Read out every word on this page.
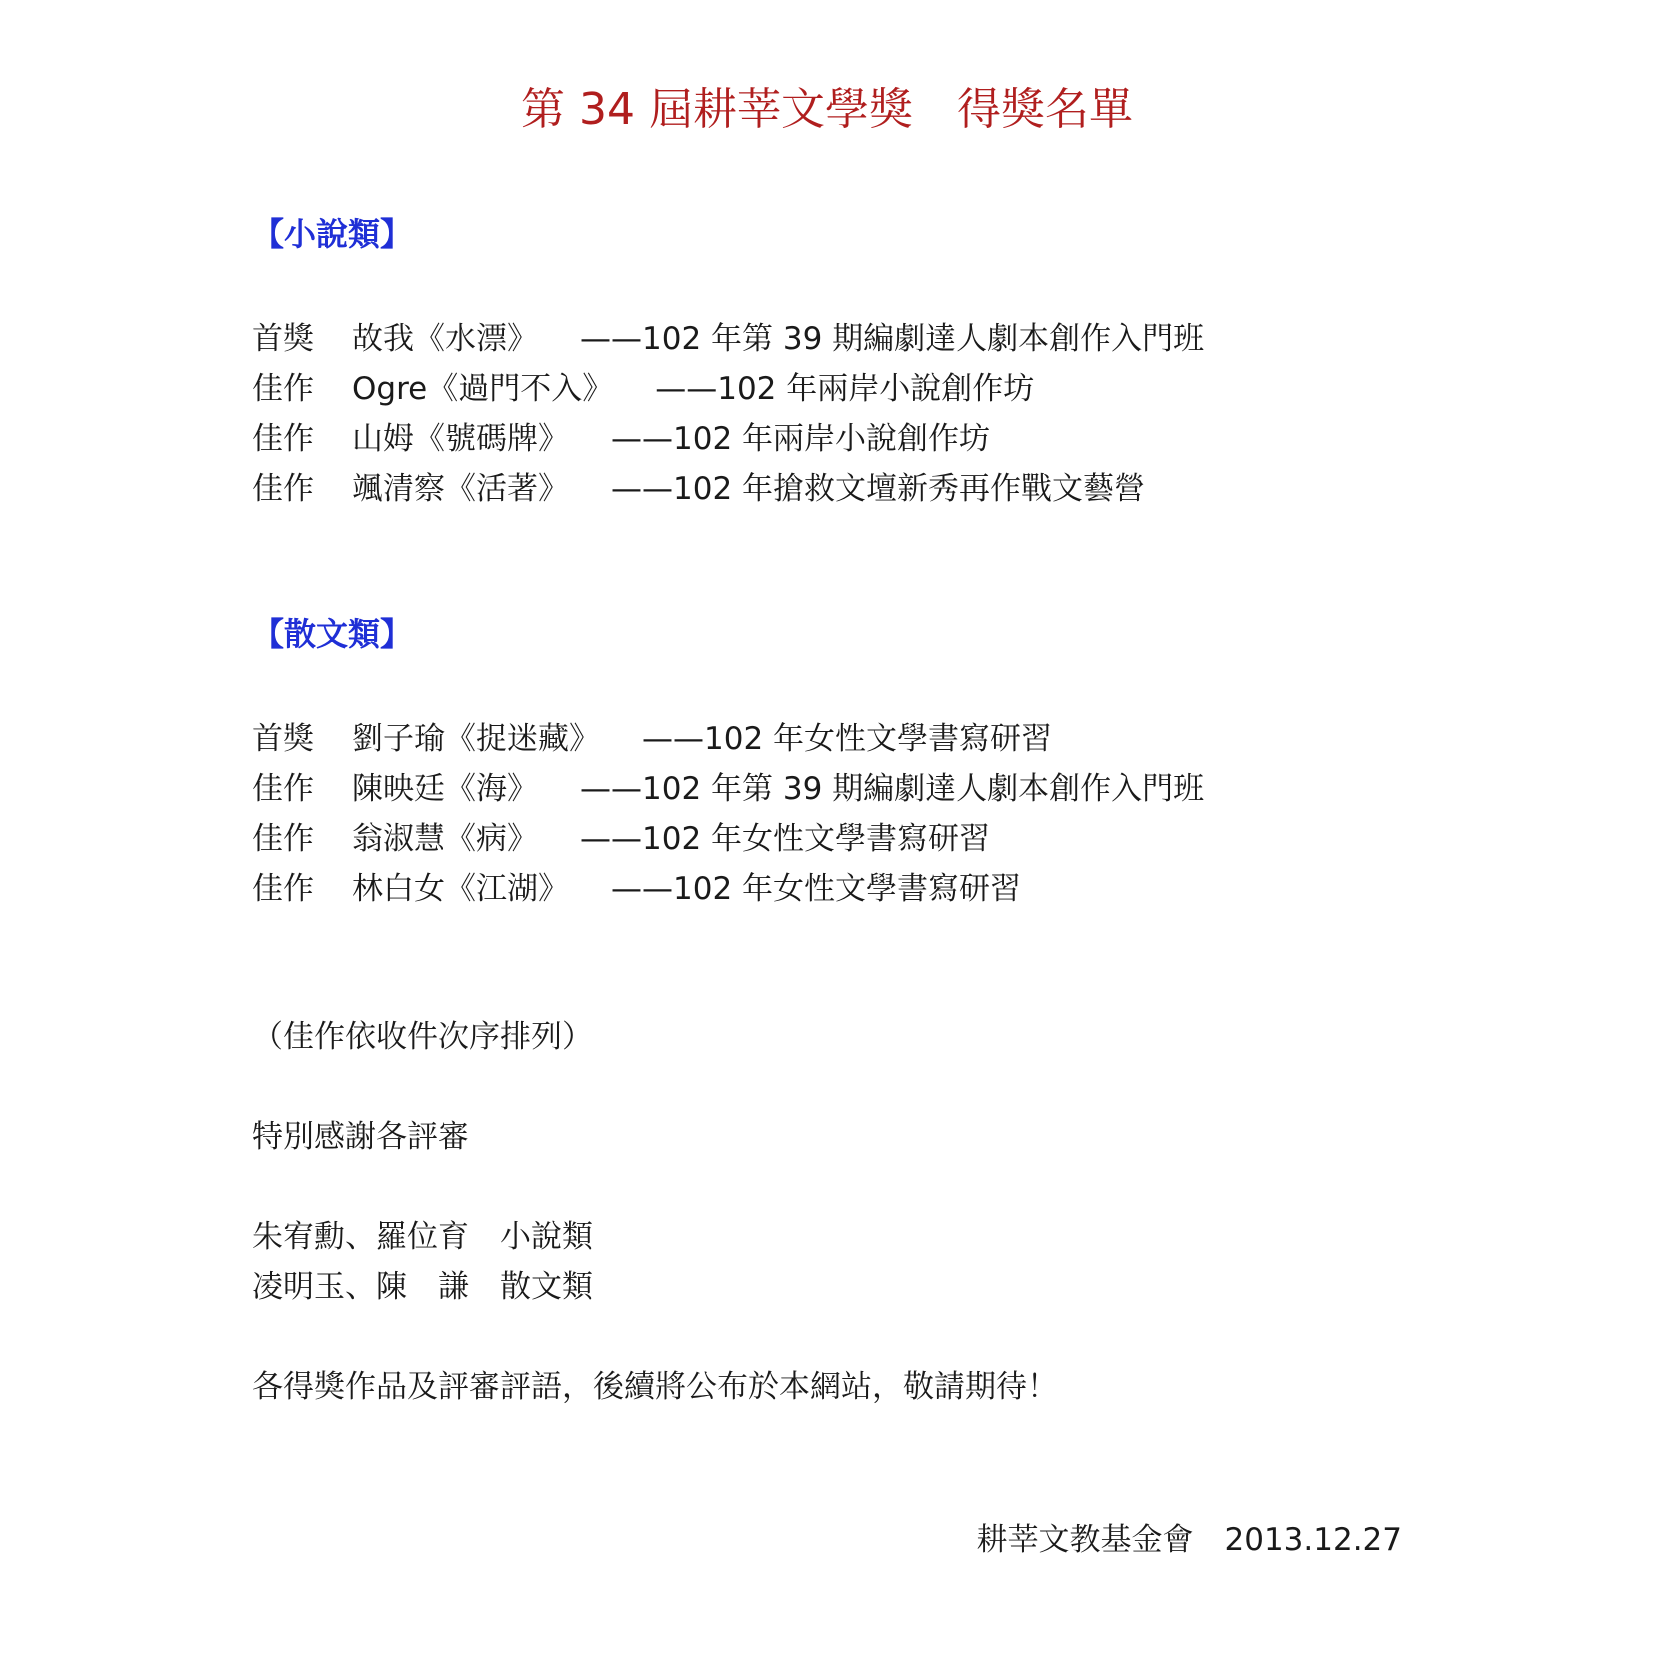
第 34 屆耕莘文學獎　得獎名單
【小說類】
首獎	故我《水漂》 ——102 年第 39 期編劇達人劇本創作入門班
佳作	Ogre《過門不入》 ——102 年兩岸小說創作坊
佳作	山姆《號碼牌》 ——102 年兩岸小說創作坊
佳作	颯清察《活著》 ——102 年搶救文壇新秀再作戰文藝營
【散文類】
首獎	劉子瑜《捉迷藏》 ——102 年女性文學書寫研習
佳作	陳映廷《海》 ——102 年第 39 期編劇達人劇本創作入門班
佳作	翁淑慧《病》 ——102 年女性文學書寫研習
佳作	林白女《江湖》 ——102 年女性文學書寫研習
（佳作依收件次序排列）
特別感謝各評審
朱宥勳、羅位育　小說類
凌明玉、陳　謙　散文類
各得獎作品及評審評語，後續將公布於本網站，敬請期待！
耕莘文教基金會　2013.12.27
